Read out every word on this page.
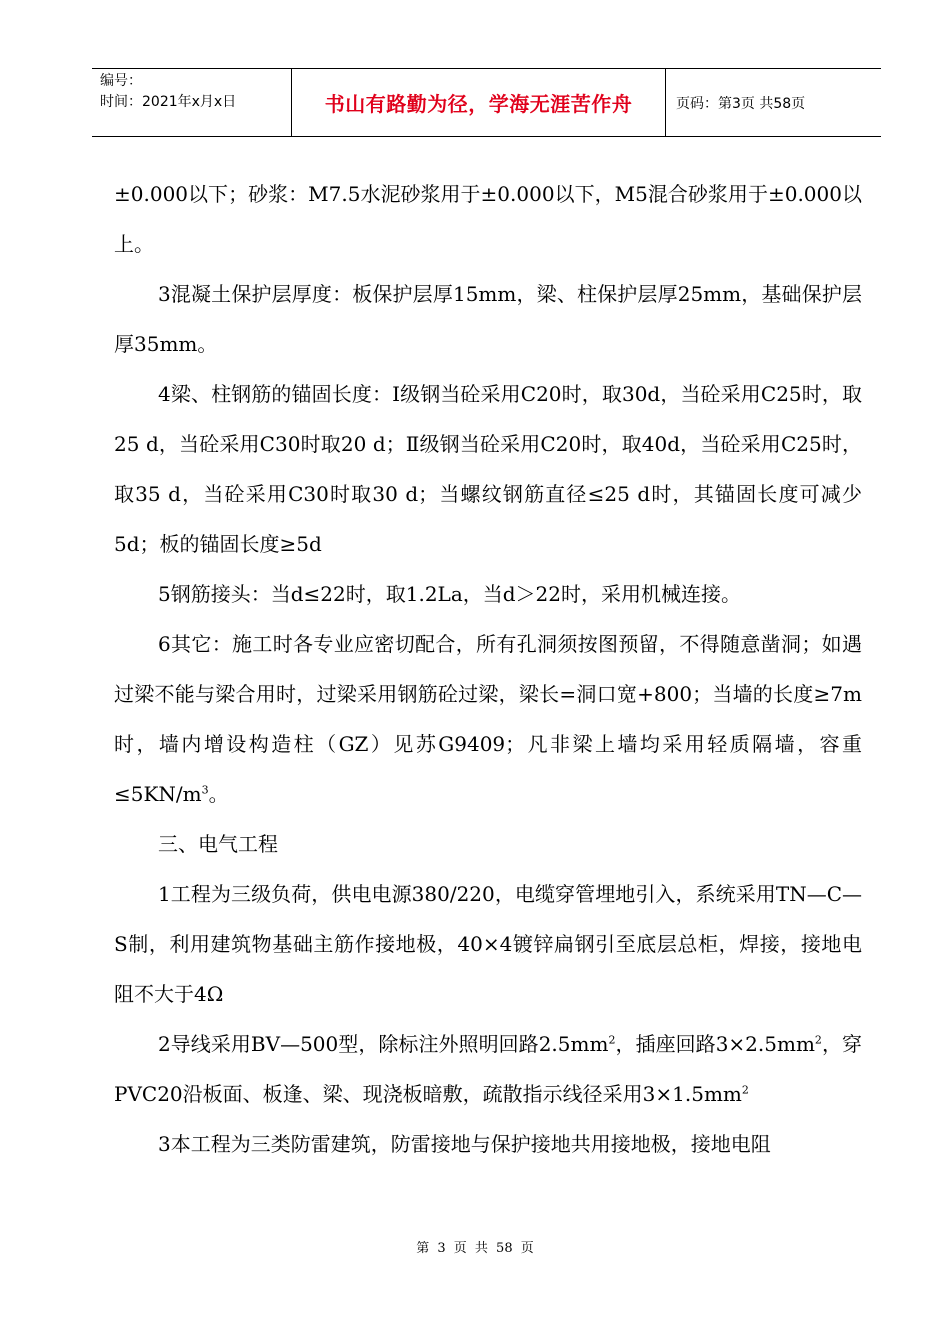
编号：
时间：2021年x月x日	书山有路勤为径，学海无涯苦作舟	页码：第3页 共58页

±0.000以下；砂浆：M7.5水泥砂浆用于±0.000以下，M5混合砂浆用于±0.000以上。

3混凝土保护层厚度：板保护层厚15mm，梁、柱保护层厚25mm，基础保护层厚35mm。

4梁、柱钢筋的锚固长度：Ⅰ级钢当砼采用C20时，取30d，当砼采用C25时，取25 d，当砼采用C30时取20 d；Ⅱ级钢当砼采用C20时，取40d，当砼采用C25时，取35 d，当砼采用C30时取30 d；当螺纹钢筋直径≤25 d时，其锚固长度可减少5d；板的锚固长度≥5d

5钢筋接头：当d≤22时，取1.2La，当d＞22时，采用机械连接。

6其它：施工时各专业应密切配合，所有孔洞须按图预留，不得随意凿洞；如遇过梁不能与梁合用时，过梁采用钢筋砼过梁，梁长=洞口宽+800；当墙的长度≥7m时，墙内增设构造柱（GZ）见苏G9409；凡非梁上墙均采用轻质隔墙，容重$\le 5KN/m^3$。

三、电气工程

1工程为三级负荷，供电电源380/220，电缆穿管埋地引入，系统采用TN—C—S制，利用建筑物基础主筋作接地极，40×4镀锌扁钢引至底层总柜，焊接，接地电阻不大于4Ω

2导线采用BV—500型，除标注外照明回路$2.5mm^2$，插座回路$3\times 2.5mm^2$，穿PVC20沿板面、板逢、梁、现浇板暗敷，疏散指示线径采用$3\times 1.5mm^2$

3本工程为三类防雷建筑，防雷接地与保护接地共用接地极，接地电阻

第 3 页 共 58 页
